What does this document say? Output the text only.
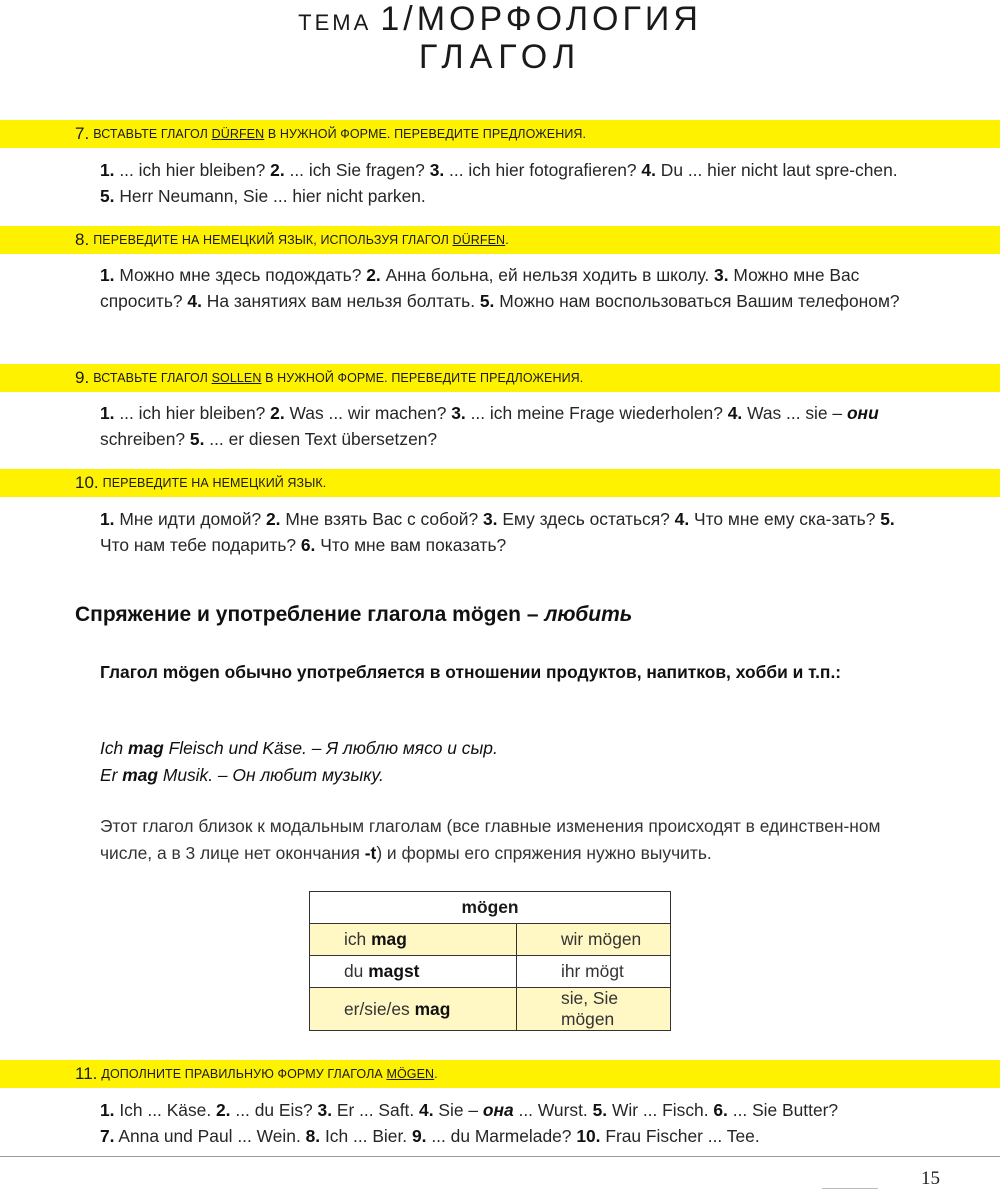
ТЕМА 1/МОРФОЛОГИЯ
ГЛАГОЛ
7. ВСТАВЬТЕ ГЛАГОЛ DÜRFEN В НУЖНОЙ ФОРМЕ. ПЕРЕВЕДИТЕ ПРЕДЛОЖЕНИЯ.
1. ... ich hier bleiben? 2. ... ich Sie fragen? 3. ... ich hier fotografieren? 4. Du ... hier nicht laut spre-chen. 5. Herr Neumann, Sie ... hier nicht parken.
8. ПЕРЕВЕДИТЕ НА НЕМЕЦКИЙ ЯЗЫК, ИСПОЛЬЗУЯ ГЛАГОЛ DÜRFEN.
1. Можно мне здесь подождать? 2. Анна больна, ей нельзя ходить в школу. 3. Можно мне Вас спросить? 4. На занятиях вам нельзя болтать. 5. Можно нам воспользоваться Вашим телефоном?
9. ВСТАВЬТЕ ГЛАГОЛ SOLLEN В НУЖНОЙ ФОРМЕ. ПЕРЕВЕДИТЕ ПРЕДЛОЖЕНИЯ.
1. ... ich hier bleiben? 2. Was ... wir machen? 3. ... ich meine Frage wiederholen? 4. Was ... sie – они schreiben? 5. ... er diesen Text übersetzen?
10. ПЕРЕВЕДИТЕ НА НЕМЕЦКИЙ ЯЗЫК.
1. Мне идти домой? 2. Мне взять Вас с собой? 3. Ему здесь остаться? 4. Что мне ему ска-зать? 5. Что нам тебе подарить? 6. Что мне вам показать?
Спряжение и употребление глагола mögen – любить
Глагол mögen обычно употребляется в отношении продуктов, напитков, хобби и т.п.:
Ich mag Fleisch und Käse. – Я люблю мясо и сыр.
Er mag Musik. – Он любит музыку.
Этот глагол близок к модальным глаголам (все главные изменения происходят в единствен-ном числе, а в 3 лице нет окончания -t) и формы его спряжения нужно выучить.
mögen	
ich mag	wir mögen
du magst	ihr mögt
er/sie/es mag	sie, Sie mögen
11. ДОПОЛНИТЕ ПРАВИЛЬНУЮ ФОРМУ ГЛАГОЛА MÖGEN.
1. Ich ... Käse. 2. ... du Eis? 3. Er ... Saft. 4. Sie – она ... Wurst. 5. Wir ... Fisch. 6. ... Sie Butter?
7. Anna und Paul ... Wein. 8. Ich ... Bier. 9. ... du Marmelade? 10. Frau Fischer ... Tee.
15
